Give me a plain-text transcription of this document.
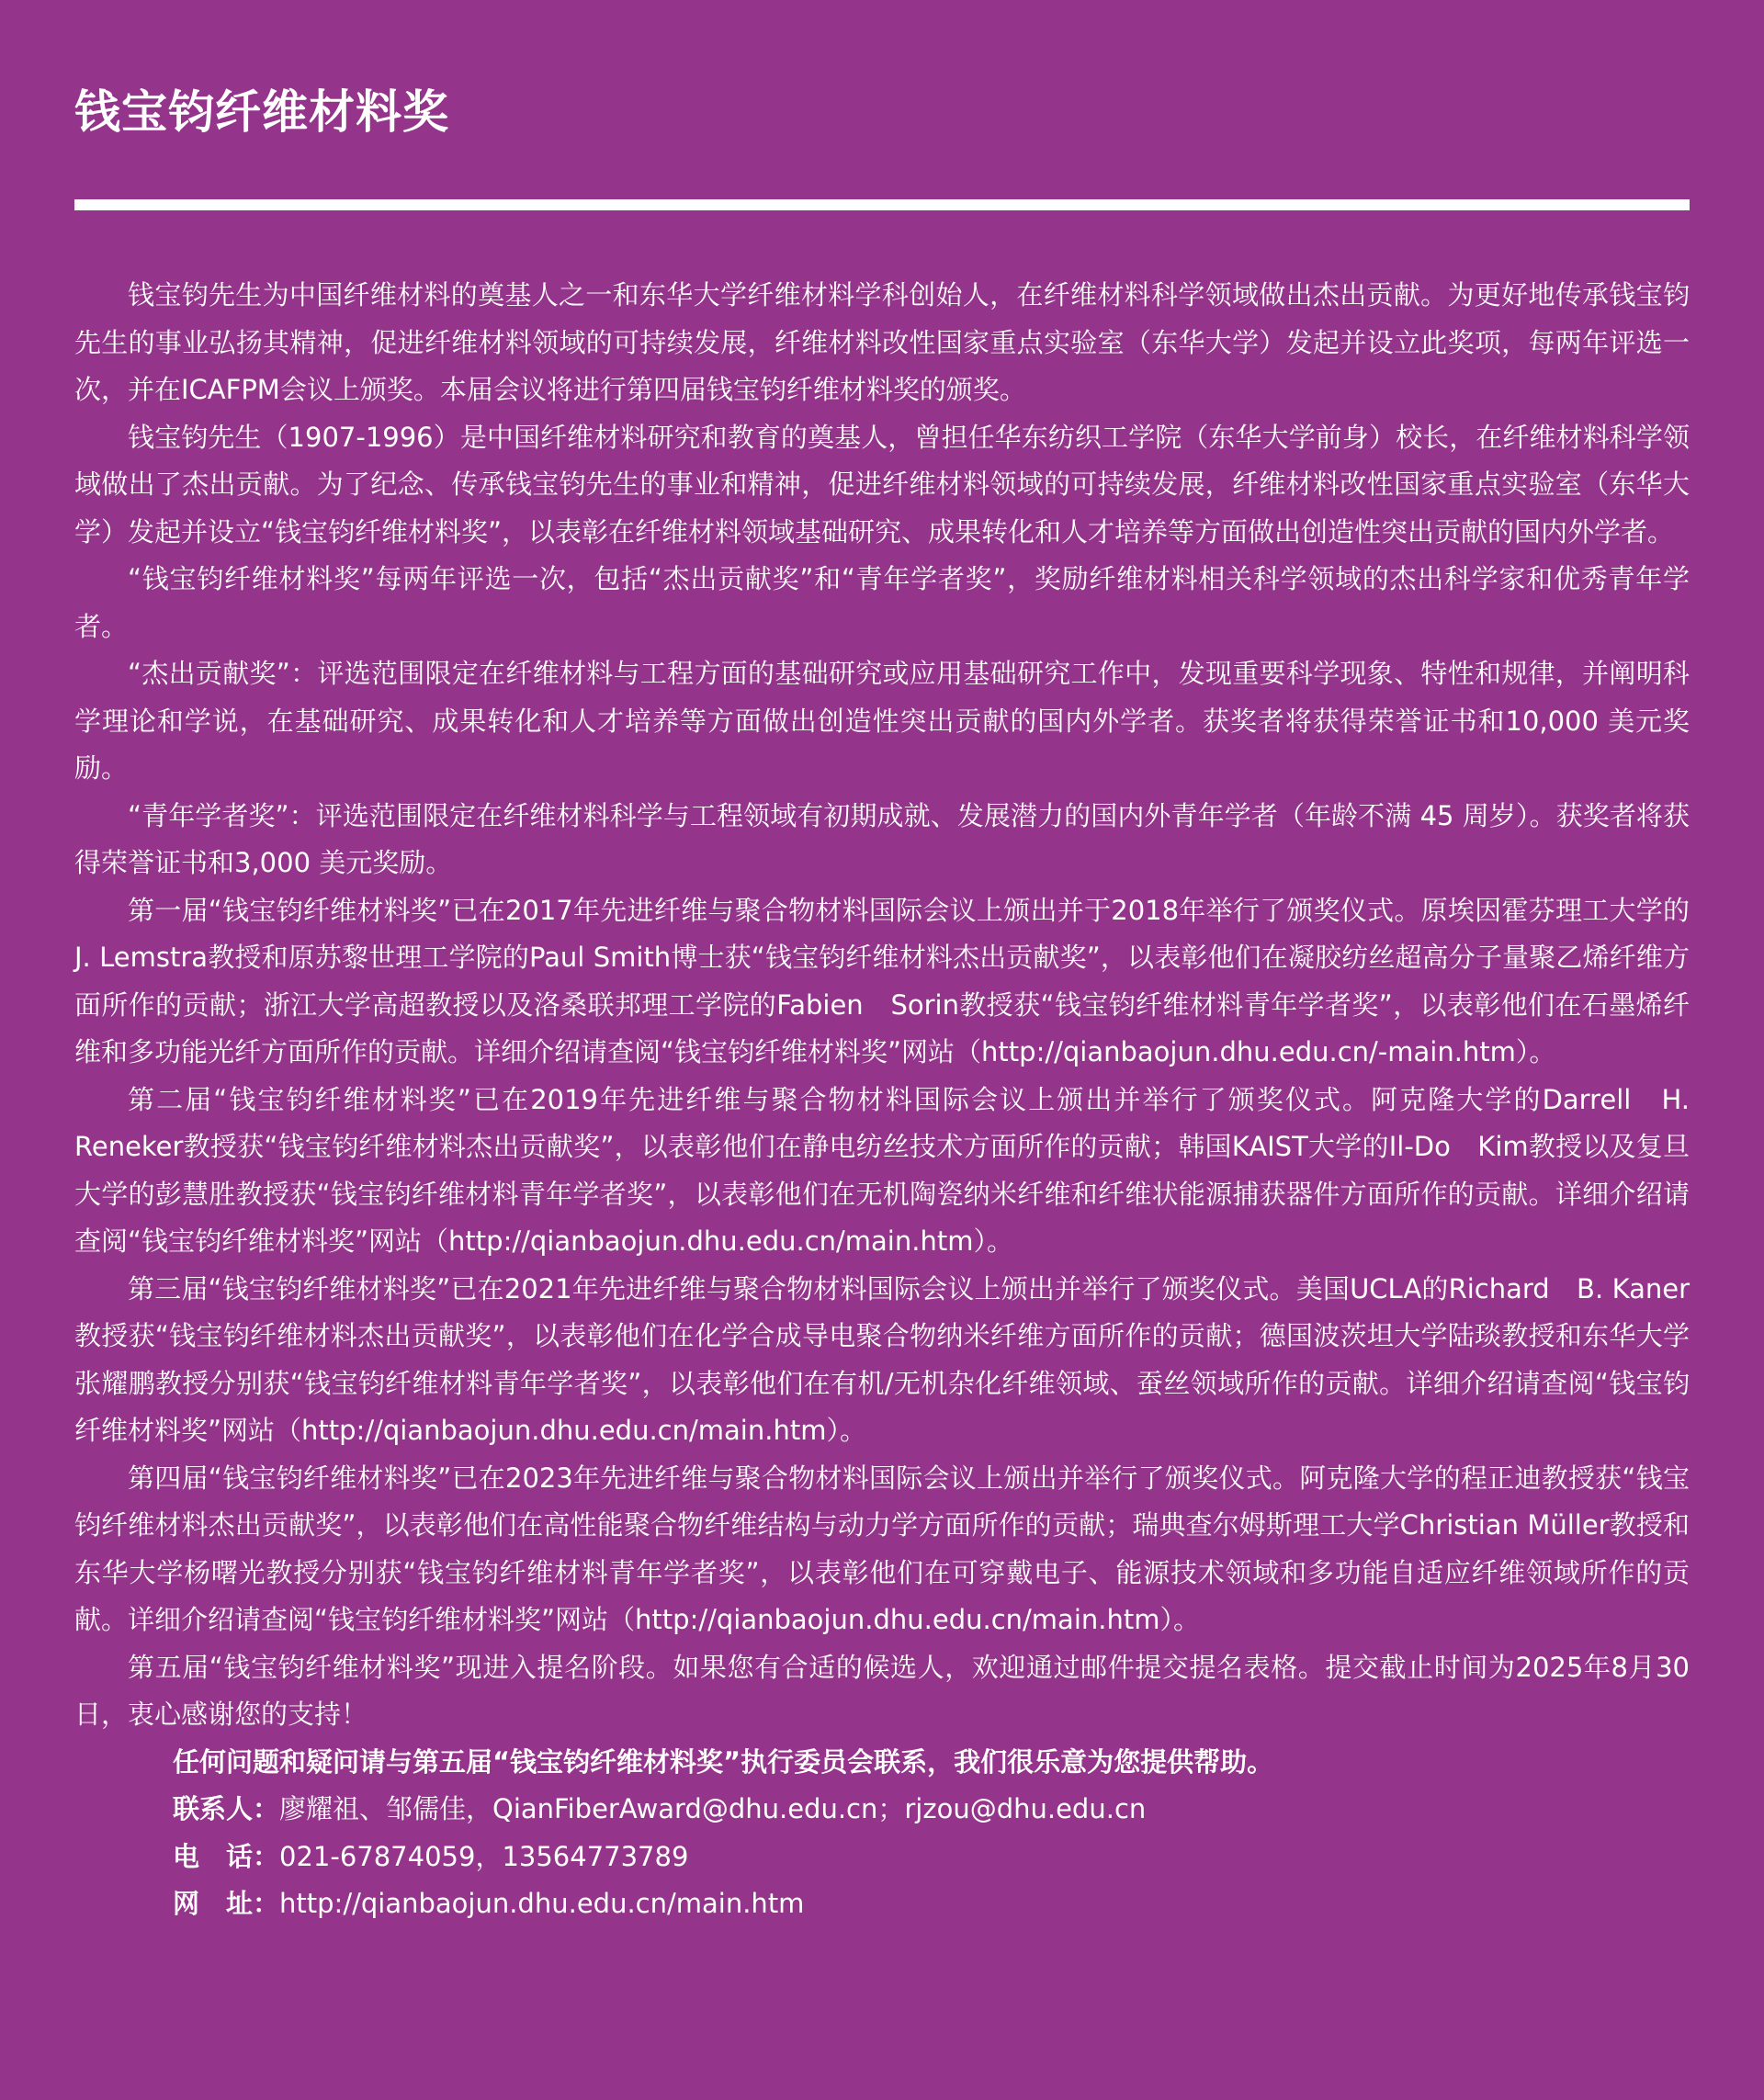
钱宝钧纤维材料奖

钱宝钧先生为中国纤维材料的奠基人之一和东华大学纤维材料学科创始人，在纤维材料科学领域做出杰出贡献。为更好地传承钱宝钧先生的事业弘扬其精神，促进纤维材料领域的可持续发展，纤维材料改性国家重点实验室（东华大学）发起并设立此奖项，每两年评选一次，并在ICAFPM会议上颁奖。本届会议将进行第四届钱宝钧纤维材料奖的颁奖。

钱宝钧先生（1907-1996）是中国纤维材料研究和教育的奠基人，曾担任华东纺织工学院（东华大学前身）校长，在纤维材料科学领域做出了杰出贡献。为了纪念、传承钱宝钧先生的事业和精神，促进纤维材料领域的可持续发展，纤维材料改性国家重点实验室（东华大学）发起并设立“钱宝钧纤维材料奖”，以表彰在纤维材料领域基础研究、成果转化和人才培养等方面做出创造性突出贡献的国内外学者。

“钱宝钧纤维材料奖”每两年评选一次，包括“杰出贡献奖”和“青年学者奖”，奖励纤维材料相关科学领域的杰出科学家和优秀青年学者。

“杰出贡献奖”：评选范围限定在纤维材料与工程方面的基础研究或应用基础研究工作中，发现重要科学现象、特性和规律，并阐明科学理论和学说，在基础研究、成果转化和人才培养等方面做出创造性突出贡献的国内外学者。获奖者将获得荣誉证书和10,000 美元奖励。

“青年学者奖”：评选范围限定在纤维材料科学与工程领域有初期成就、发展潜力的国内外青年学者（年龄不满 45 周岁）。获奖者将获得荣誉证书和3,000 美元奖励。

第一届“钱宝钧纤维材料奖”已在2017年先进纤维与聚合物材料国际会议上颁出并于2018年举行了颁奖仪式。原埃因霍芬理工大学的J. Lemstra教授和原苏黎世理工学院的Paul Smith博士获“钱宝钧纤维材料杰出贡献奖”，以表彰他们在凝胶纺丝超高分子量聚乙烯纤维方面所作的贡献；浙江大学高超教授以及洛桑联邦理工学院的Fabien　Sorin教授获“钱宝钧纤维材料青年学者奖”，以表彰他们在石墨烯纤维和多功能光纤方面所作的贡献。详细介绍请查阅“钱宝钧纤维材料奖”网站（http://qianbaojun.dhu.edu.cn/-main.htm）。

第二届“钱宝钧纤维材料奖”已在2019年先进纤维与聚合物材料国际会议上颁出并举行了颁奖仪式。阿克隆大学的Darrell　H. Reneker教授获“钱宝钧纤维材料杰出贡献奖”，以表彰他们在静电纺丝技术方面所作的贡献；韩国KAIST大学的Il-Do　Kim教授以及复旦大学的彭慧胜教授获“钱宝钧纤维材料青年学者奖”，以表彰他们在无机陶瓷纳米纤维和纤维状能源捕获器件方面所作的贡献。详细介绍请查阅“钱宝钧纤维材料奖”网站（http://qianbaojun.dhu.edu.cn/main.htm）。

第三届“钱宝钧纤维材料奖”已在2021年先进纤维与聚合物材料国际会议上颁出并举行了颁奖仪式。美国UCLA的Richard　B. Kaner教授获“钱宝钧纤维材料杰出贡献奖”，以表彰他们在化学合成导电聚合物纳米纤维方面所作的贡献；德国波茨坦大学陆琰教授和东华大学张耀鹏教授分别获“钱宝钧纤维材料青年学者奖”，以表彰他们在有机/无机杂化纤维领域、蚕丝领域所作的贡献。详细介绍请查阅“钱宝钧纤维材料奖”网站（http://qianbaojun.dhu.edu.cn/main.htm）。

第四届“钱宝钧纤维材料奖”已在2023年先进纤维与聚合物材料国际会议上颁出并举行了颁奖仪式。阿克隆大学的程正迪教授获“钱宝钧纤维材料杰出贡献奖”，以表彰他们在高性能聚合物纤维结构与动力学方面所作的贡献；瑞典查尔姆斯理工大学Christian Müller教授和东华大学杨曙光教授分别获“钱宝钧纤维材料青年学者奖”，以表彰他们在可穿戴电子、能源技术领域和多功能自适应纤维领域所作的贡献。详细介绍请查阅“钱宝钧纤维材料奖”网站（http://qianbaojun.dhu.edu.cn/main.htm）。

第五届“钱宝钧纤维材料奖”现进入提名阶段。如果您有合适的候选人，欢迎通过邮件提交提名表格。提交截止时间为2025年8月30日，衷心感谢您的支持！

任何问题和疑问请与第五届“钱宝钧纤维材料奖”执行委员会联系，我们很乐意为您提供帮助。
联系人：廖耀祖、邹儒佳，QianFiberAward@dhu.edu.cn；rjzou@dhu.edu.cn
电　话：021-67874059，13564773789
网　址：http://qianbaojun.dhu.edu.cn/main.htm
